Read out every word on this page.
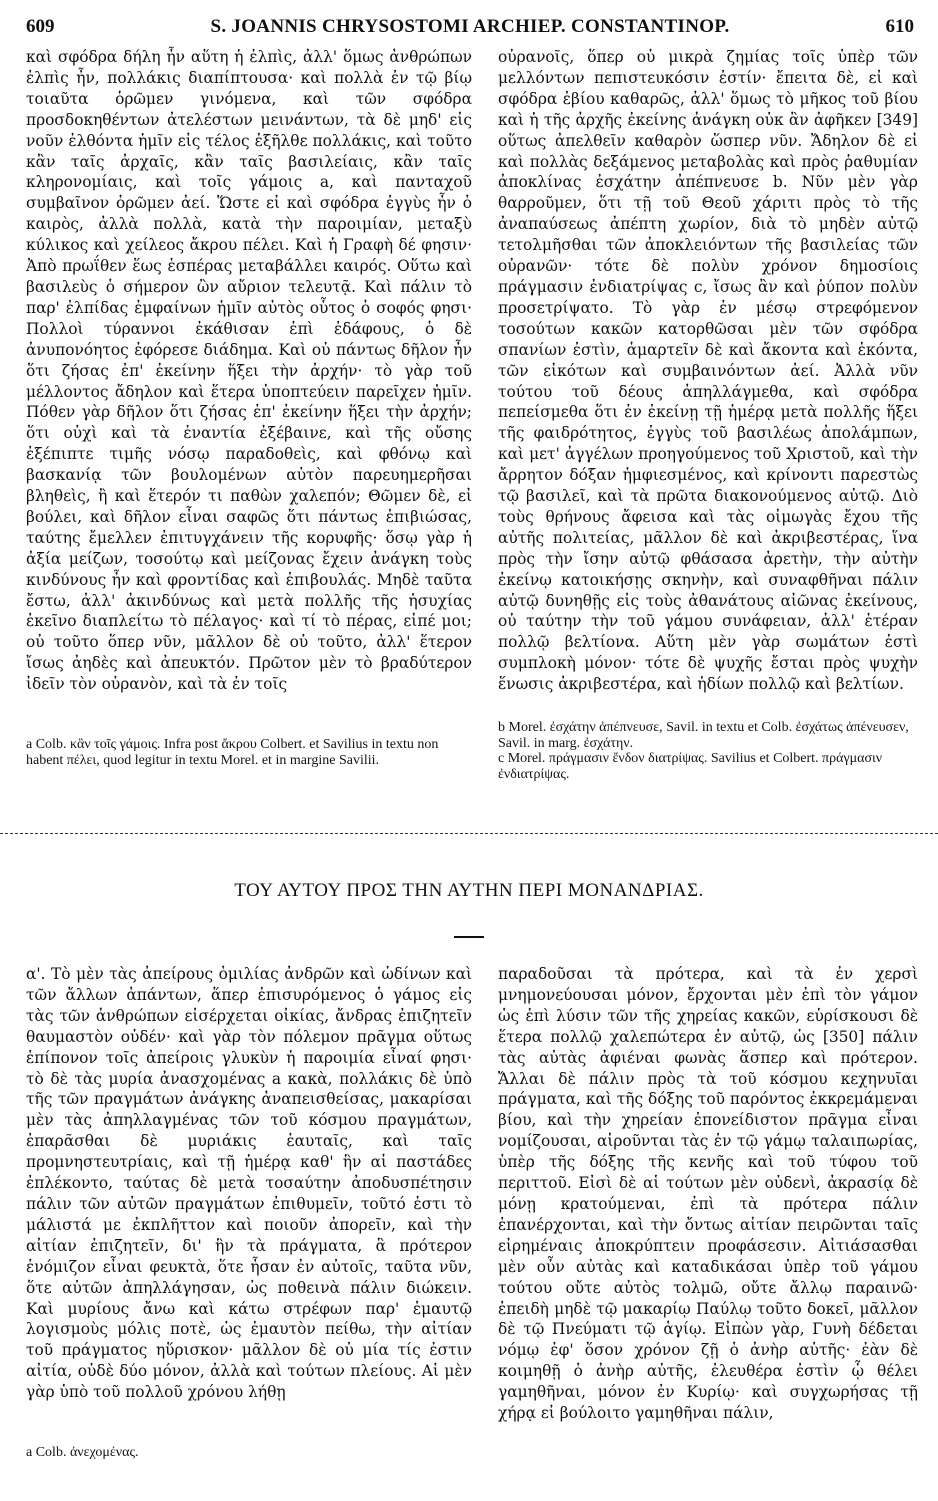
609	S. JOANNIS CHRYSOSTOMI ARCHIEP. CONSTANTINOP.	610

καὶ σφόδρα δήλη ἦν αὕτη ἡ ἐλπὶς, ἀλλ' ὅμως ἀνθρώπων ἐλπὶς ἦν, πολλάκις διαπίπτουσα· καὶ πολλὰ ἐν τῷ βίῳ τοιαῦτα ὁρῶμεν γινόμενα, καὶ τῶν σφόδρα προσδοκηθέντων ἀτελέστων μεινάντων, τὰ δὲ μηδ' εἰς νοῦν ἐλθόντα ἡμῖν εἰς τέλος ἐξῆλθε πολλάκις, καὶ τοῦτο κἂν ταῖς ἀρχαῖς, κἂν ταῖς βασιλείαις, κἂν ταῖς κληρονομίαις, καὶ τοῖς γάμοις a, καὶ πανταχοῦ συμβαῖνον ὁρῶμεν ἀεί. Ὥστε εἰ καὶ σφόδρα ἐγγὺς ἦν ὁ καιρὸς, ἀλλὰ πολλὰ, κατὰ τὴν παροιμίαν, μεταξὺ κύλικος καὶ χείλεος ἄκρου πέλει. Καὶ ἡ Γραφὴ δέ φησιν· Ἀπὸ πρωΐθεν ἕως ἑσπέρας μεταβάλλει καιρός. Οὕτω καὶ βασιλεὺς ὁ σήμερον ὢν αὔριον τελευτᾷ. Καὶ πάλιν τὸ παρ' ἐλπίδας ἐμφαίνων ἡμῖν αὐτὸς οὗτος ὁ σοφός φησι· Πολλοὶ τύραννοι ἐκάθισαν ἐπὶ ἐδάφους, ὁ δὲ ἀνυπονόητος ἐφόρεσε διάδημα. Καὶ οὐ πάντως δῆλον ἦν ὅτι ζήσας ἐπ' ἐκείνην ἥξει τὴν ἀρχήν· τὸ γὰρ τοῦ μέλλοντος ἄδηλον καὶ ἕτερα ὑποπτεύειν παρεῖχεν ἡμῖν. Πόθεν γὰρ δῆλον ὅτι ζήσας ἐπ' ἐκείνην ἥξει τὴν ἀρχήν; ὅτι οὐχὶ καὶ τὰ ἐναντία ἐξέβαινε, καὶ τῆς οὔσης ἐξέπιπτε τιμῆς νόσῳ παραδοθεὶς, καὶ φθόνῳ καὶ βασκανίᾳ τῶν βουλομένων αὐτὸν παρευημερῆσαι βληθεὶς, ἢ καὶ ἕτερόν τι παθὼν χαλεπόν; Θῶμεν δὲ, εἰ βούλει, καὶ δῆλον εἶναι σαφῶς ὅτι πάντως ἐπιβιώσας, ταύτης ἔμελλεν ἐπιτυγχάνειν τῆς κορυφῆς· ὅσῳ γὰρ ἡ ἀξία μείζων, τοσούτῳ καὶ μείζονας ἔχειν ἀνάγκη τοὺς κινδύνους ἦν καὶ φροντίδας καὶ ἐπιβουλάς. Μηδὲ ταῦτα ἔστω, ἀλλ' ἀκινδύνως καὶ μετὰ πολλῆς τῆς ἡσυχίας ἐκεῖνο διαπλείτω τὸ πέλαγος· καὶ τί τὸ πέρας, εἰπέ μοι; οὐ τοῦτο ὅπερ νῦν, μᾶλλον δὲ οὐ τοῦτο, ἀλλ' ἕτερον ἴσως ἀηδὲς καὶ ἀπευκτόν. Πρῶτον μὲν τὸ βραδύτερον ἰδεῖν τὸν οὐρανὸν, καὶ τὰ ἐν τοῖς

οὐρανοῖς, ὅπερ οὐ μικρὰ ζημίας τοῖς ὑπὲρ τῶν μελλόντων πεπιστευκόσιν ἐστίν· ἔπειτα δὲ, εἰ καὶ σφόδρα ἐβίου καθαρῶς, ἀλλ' ὅμως τὸ μῆκος τοῦ βίου καὶ ἡ τῆς ἀρχῆς ἐκείνης ἀνάγκη οὐκ ἂν ἀφῆκεν [349] οὕτως ἀπελθεῖν καθαρὸν ὥσπερ νῦν. Ἄδηλον δὲ εἰ καὶ πολλὰς δεξάμενος μεταβολὰς καὶ πρὸς ῥαθυμίαν ἀποκλίνας ἐσχάτην ἀπέπνευσε b. Νῦν μὲν γὰρ θαρροῦμεν, ὅτι τῇ τοῦ Θεοῦ χάριτι πρὸς τὸ τῆς ἀναπαύσεως ἀπέπτη χωρίον, διὰ τὸ μηδὲν αὐτῷ τετολμῆσθαι τῶν ἀποκλειόντων τῆς βασιλείας τῶν οὐρανῶν· τότε δὲ πολὺν χρόνον δημοσίοις πράγμασιν ἐνδιατρίψας c, ἴσως ἂν καὶ ῥύπον πολὺν προσετρίψατο. Τὸ γὰρ ἐν μέσῳ στρεφόμενον τοσούτων κακῶν κατορθῶσαι μὲν τῶν σφόδρα σπανίων ἐστὶν, ἁμαρτεῖν δὲ καὶ ἄκοντα καὶ ἑκόντα, τῶν εἰκότων καὶ συμβαινόντων ἀεί. Ἀλλὰ νῦν τούτου τοῦ δέους ἀπηλλάγμεθα, καὶ σφόδρα πεπείσμεθα ὅτι ἐν ἐκείνῃ τῇ ἡμέρᾳ μετὰ πολλῆς ἥξει τῆς φαιδρότητος, ἐγγὺς τοῦ βασιλέως ἀπολάμπων, καὶ μετ' ἀγγέλων προηγούμενος τοῦ Χριστοῦ, καὶ τὴν ἄρρητον δόξαν ἠμφιεσμένος, καὶ κρίνοντι παρεστὼς τῷ βασιλεῖ, καὶ τὰ πρῶτα διακονούμενος αὐτῷ. Διὸ τοὺς θρήνους ἄφεισα καὶ τὰς οἰμωγὰς ἔχου τῆς αὐτῆς πολιτείας, μᾶλλον δὲ καὶ ἀκριβεστέρας, ἵνα πρὸς τὴν ἴσην αὐτῷ φθάσασα ἀρετὴν, τὴν αὐτὴν ἐκείνῳ κατοικήσῃς σκηνὴν, καὶ συναφθῆναι πάλιν αὐτῷ δυνηθῇς εἰς τοὺς ἀθανάτους αἰῶνας ἐκείνους, οὐ ταύτην τὴν τοῦ γάμου συνάφειαν, ἀλλ' ἑτέραν πολλῷ βελτίονα. Αὕτη μὲν γὰρ σωμάτων ἐστὶ συμπλοκὴ μόνον· τότε δὲ ψυχῆς ἔσται πρὸς ψυχὴν ἕνωσις ἀκριβεστέρα, καὶ ἡδίων πολλῷ καὶ βελτίων.

a Colb. κἂν τοῖς γάμοις. Infra post ἄκρου Colbert. et Savilius in textu non habent πέλει, quod legitur in textu Morel. et in margine Savilii.

b Morel. ἐσχάτην ἀπέπνευσε, Savil. in textu et Colb. ἐσχάτως ἀπένευσεν, Savil. in marg. ἐσχάτην.

c Morel. πράγμασιν ἔνδον διατρίψας. Savilius et Colbert. πράγμασιν ἐνδιατρίψας.

ΤΟΥ ΑΥΤΟΥ ΠΡΟΣ ΤΗΝ ΑΥΤΗΝ ΠΕΡΙ ΜΟΝΑΝΔΡΙΑΣ.

α'. Τὸ μὲν τὰς ἀπείρους ὁμιλίας ἀνδρῶν καὶ ὠδίνων καὶ τῶν ἄλλων ἁπάντων, ἅπερ ἐπισυρόμενος ὁ γάμος εἰς τὰς τῶν ἀνθρώπων εἰσέρχεται οἰκίας, ἄνδρας ἐπιζητεῖν θαυμαστὸν οὐδέν· καὶ γὰρ τὸν πόλεμον πρᾶγμα οὕτως ἐπίπονον τοῖς ἀπείροις γλυκὺν ἡ παροιμία εἶναί φησι· τὸ δὲ τὰς μυρία ἀνασχομένας a κακὰ, πολλάκις δὲ ὑπὸ τῆς τῶν πραγμάτων ἀνάγκης ἀναπεισθείσας, μακαρίσαι μὲν τὰς ἀπηλλαγμένας τῶν τοῦ κόσμου πραγμάτων, ἐπαρᾶσθαι δὲ μυριάκις ἑαυταῖς, καὶ ταῖς προμνηστευτρίαις, καὶ τῇ ἡμέρᾳ καθ' ἣν αἱ παστάδες ἐπλέκοντο, ταύτας δὲ μετὰ τοσαύτην ἀποδυσπέτησιν πάλιν τῶν αὐτῶν πραγμάτων ἐπιθυμεῖν, τοῦτό ἐστι τὸ μάλιστά με ἐκπλῆττον καὶ ποιοῦν ἀπορεῖν, καὶ τὴν αἰτίαν ἐπιζητεῖν, δι' ἣν τὰ πράγματα, ἃ πρότερον ἐνόμιζον εἶναι φευκτὰ, ὅτε ἦσαν ἐν αὐτοῖς, ταῦτα νῦν, ὅτε αὐτῶν ἀπηλλάγησαν, ὡς ποθεινὰ πάλιν διώκειν. Καὶ μυρίους ἄνω καὶ κάτω στρέφων παρ' ἐμαυτῷ λογισμοὺς μόλις ποτὲ, ὡς ἐμαυτὸν πείθω, τὴν αἰτίαν τοῦ πράγματος ηὕρισκον· μᾶλλον δὲ οὐ μία τίς ἐστιν αἰτία, οὐδὲ δύο μόνον, ἀλλὰ καὶ τούτων πλείους. Αἱ μὲν γὰρ ὑπὸ τοῦ πολλοῦ χρόνου λήθῃ

παραδοῦσαι τὰ πρότερα, καὶ τὰ ἐν χερσὶ μνημονεύουσαι μόνον, ἔρχονται μὲν ἐπὶ τὸν γάμον ὡς ἐπὶ λύσιν τῶν τῆς χηρείας κακῶν, εὑρίσκουσι δὲ ἕτερα πολλῷ χαλεπώτερα ἐν αὐτῷ, ὡς [350] πάλιν τὰς αὐτὰς ἀφιέναι φωνὰς ἅσπερ καὶ πρότερον. Ἄλλαι δὲ πάλιν πρὸς τὰ τοῦ κόσμου κεχηνυῖαι πράγματα, καὶ τῆς δόξης τοῦ παρόντος ἐκκρεμάμεναι βίου, καὶ τὴν χηρείαν ἐπονείδιστον πρᾶγμα εἶναι νομίζουσαι, αἱροῦνται τὰς ἐν τῷ γάμῳ ταλαιπωρίας, ὑπὲρ τῆς δόξης τῆς κενῆς καὶ τοῦ τύφου τοῦ περιττοῦ. Εἰσὶ δὲ αἱ τούτων μὲν οὐδενὶ, ἀκρασίᾳ δὲ μόνῃ κρατούμεναι, ἐπὶ τὰ πρότερα πάλιν ἐπανέρχονται, καὶ τὴν ὄντως αἰτίαν πειρῶνται ταῖς εἰρημέναις ἀποκρύπτειν προφάσεσιν. Αἰτιάσασθαι μὲν οὖν αὐτὰς καὶ καταδικάσαι ὑπὲρ τοῦ γάμου τούτου οὔτε αὐτὸς τολμῶ, οὔτε ἄλλῳ παραινῶ· ἐπειδὴ μηδὲ τῷ μακαρίῳ Παύλῳ τοῦτο δοκεῖ, μᾶλλον δὲ τῷ Πνεύματι τῷ ἁγίῳ. Εἰπὼν γὰρ, Γυνὴ δέδεται νόμῳ ἐφ' ὅσον χρόνον ζῇ ὁ ἀνὴρ αὐτῆς· ἐὰν δὲ κοιμηθῇ ὁ ἀνὴρ αὐτῆς, ἐλευθέρα ἐστὶν ᾧ θέλει γαμηθῆναι, μόνον ἐν Κυρίῳ· καὶ συγχωρήσας τῇ χήρᾳ εἰ βούλοιτο γαμηθῆναι πάλιν,

a Colb. ἀνεχομένας.
